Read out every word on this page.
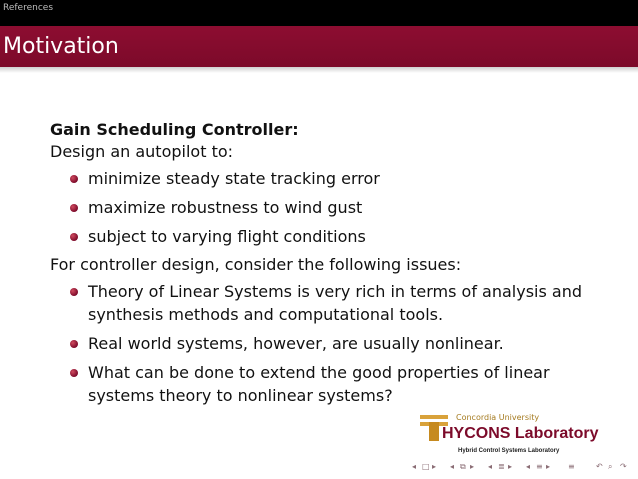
References
Motivation

Gain Scheduling Controller:

Design an autopilot to:

minimize steady state tracking error
maximize robustness to wind gust
subject to varying flight conditions

For controller design, consider the following issues:

Theory of Linear Systems is very rich in terms of analysis and synthesis methods and computational tools.
Real world systems, however, are usually nonlinear.
What can be done to extend the good properties of linear systems theory to nonlinear systems?
Concordia University
HYCONS Laboratory
Hybrid Control Systems Laboratory
◂ □ ▸ ◂ ⧉ ▸ ◂ ≣ ▸ ◂ ≡ ▸ ≡	↶ ⌕ ↷
